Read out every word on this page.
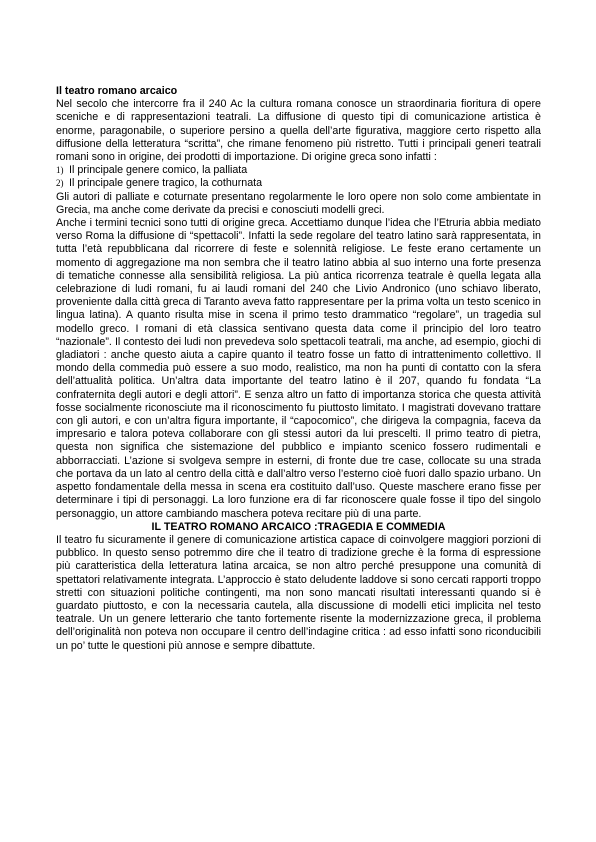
Il teatro romano arcaico

Nel secolo che intercorre fra il 240 Ac la cultura romana conosce un straordinaria fioritura di opere sceniche e di rappresentazioni teatrali. La diffusione di questo tipi di comunicazione artistica è enorme, paragonabile, o superiore persino a quella dell’arte figurativa, maggiore certo rispetto alla diffusione della letteratura “scritta”, che rimane fenomeno più ristretto. Tutti i principali generi teatrali romani sono in origine, dei prodotti di importazione. Di origine greca sono infatti :

1) Il principale genere comico, la palliata
2) Il principale genere tragico, la cothurnata

Gli autori di palliate e coturnate presentano regolarmente le loro opere non solo come ambientate in Grecia, ma anche come derivate da precisi e conosciuti modelli greci.

Anche i termini tecnici sono tutti di origine greca. Accettiamo dunque l’idea che l’Etruria abbia mediato verso Roma la diffusione di “spettacoli”. Infatti la sede regolare del teatro latino sarà rappresentata, in tutta l’età repubblicana dal ricorrere di feste e solennità religiose. Le feste erano certamente un momento di aggregazione ma non sembra che il teatro latino abbia al suo interno una forte presenza di tematiche connesse alla sensibilità religiosa. La più antica ricorrenza teatrale è quella legata alla celebrazione di ludi romani, fu ai laudi romani del 240 che Livio Andronico (uno schiavo liberato, proveniente dalla città greca di Taranto aveva fatto rappresentare per la prima volta un testo scenico in lingua latina). A quanto risulta mise in scena il primo testo drammatico “regolare”, un tragedia sul modello greco. I romani di età classica sentivano questa data come il principio del loro teatro “nazionale”. Il contesto dei ludi non prevedeva solo spettacoli teatrali, ma anche, ad esempio, giochi di gladiatori : anche questo aiuta a capire quanto il teatro fosse un fatto di intrattenimento collettivo. Il mondo della commedia può essere a suo modo, realistico, ma non ha punti di contatto con la sfera dell’attualità politica. Un’altra data importante del teatro latino è il 207, quando fu fondata “La confraternita degli autori e degli attori”. E senza altro un fatto di importanza storica che questa attività fosse socialmente riconosciute ma il riconoscimento fu piuttosto limitato. I magistrati dovevano trattare con gli autori, e con un’altra figura importante, il “capocomico”, che dirigeva la compagnia, faceva da impresario e talora poteva collaborare con gli stessi autori da lui prescelti. Il primo teatro di pietra, questa non significa che sistemazione del pubblico e impianto scenico fossero rudimentali e abborracciati. L’azione si svolgeva sempre in esterni, di fronte due tre case, collocate su una strada che portava da un lato al centro della città e dall’altro verso l’esterno cioè fuori dallo spazio urbano. Un aspetto fondamentale della messa in scena era costituito dall’uso. Queste maschere erano fisse per determinare i tipi di personaggi. La loro funzione era di far riconoscere quale fosse il tipo del singolo personaggio, un attore cambiando maschera poteva recitare più di una parte.

IL TEATRO ROMANO ARCAICO :TRAGEDIA E COMMEDIA

Il teatro fu sicuramente il genere di comunicazione artistica capace di coinvolgere maggiori porzioni di pubblico. In questo senso potremmo dire che il teatro di tradizione greche è la forma di espressione più caratteristica della letteratura latina arcaica, se non altro perché presuppone una comunità di spettatori relativamente integrata. L’approccio è stato deludente laddove si sono cercati rapporti troppo stretti con situazioni politiche contingenti, ma non sono mancati risultati interessanti quando si è guardato piuttosto, e con la necessaria cautela, alla discussione di modelli etici implicita nel testo teatrale. Un un genere letterario che tanto fortemente risente la modernizzazione greca, il problema dell’originalità non poteva non occupare il centro dell’indagine critica : ad esso infatti sono riconducibili un po’ tutte le questioni più annose e sempre dibattute.
